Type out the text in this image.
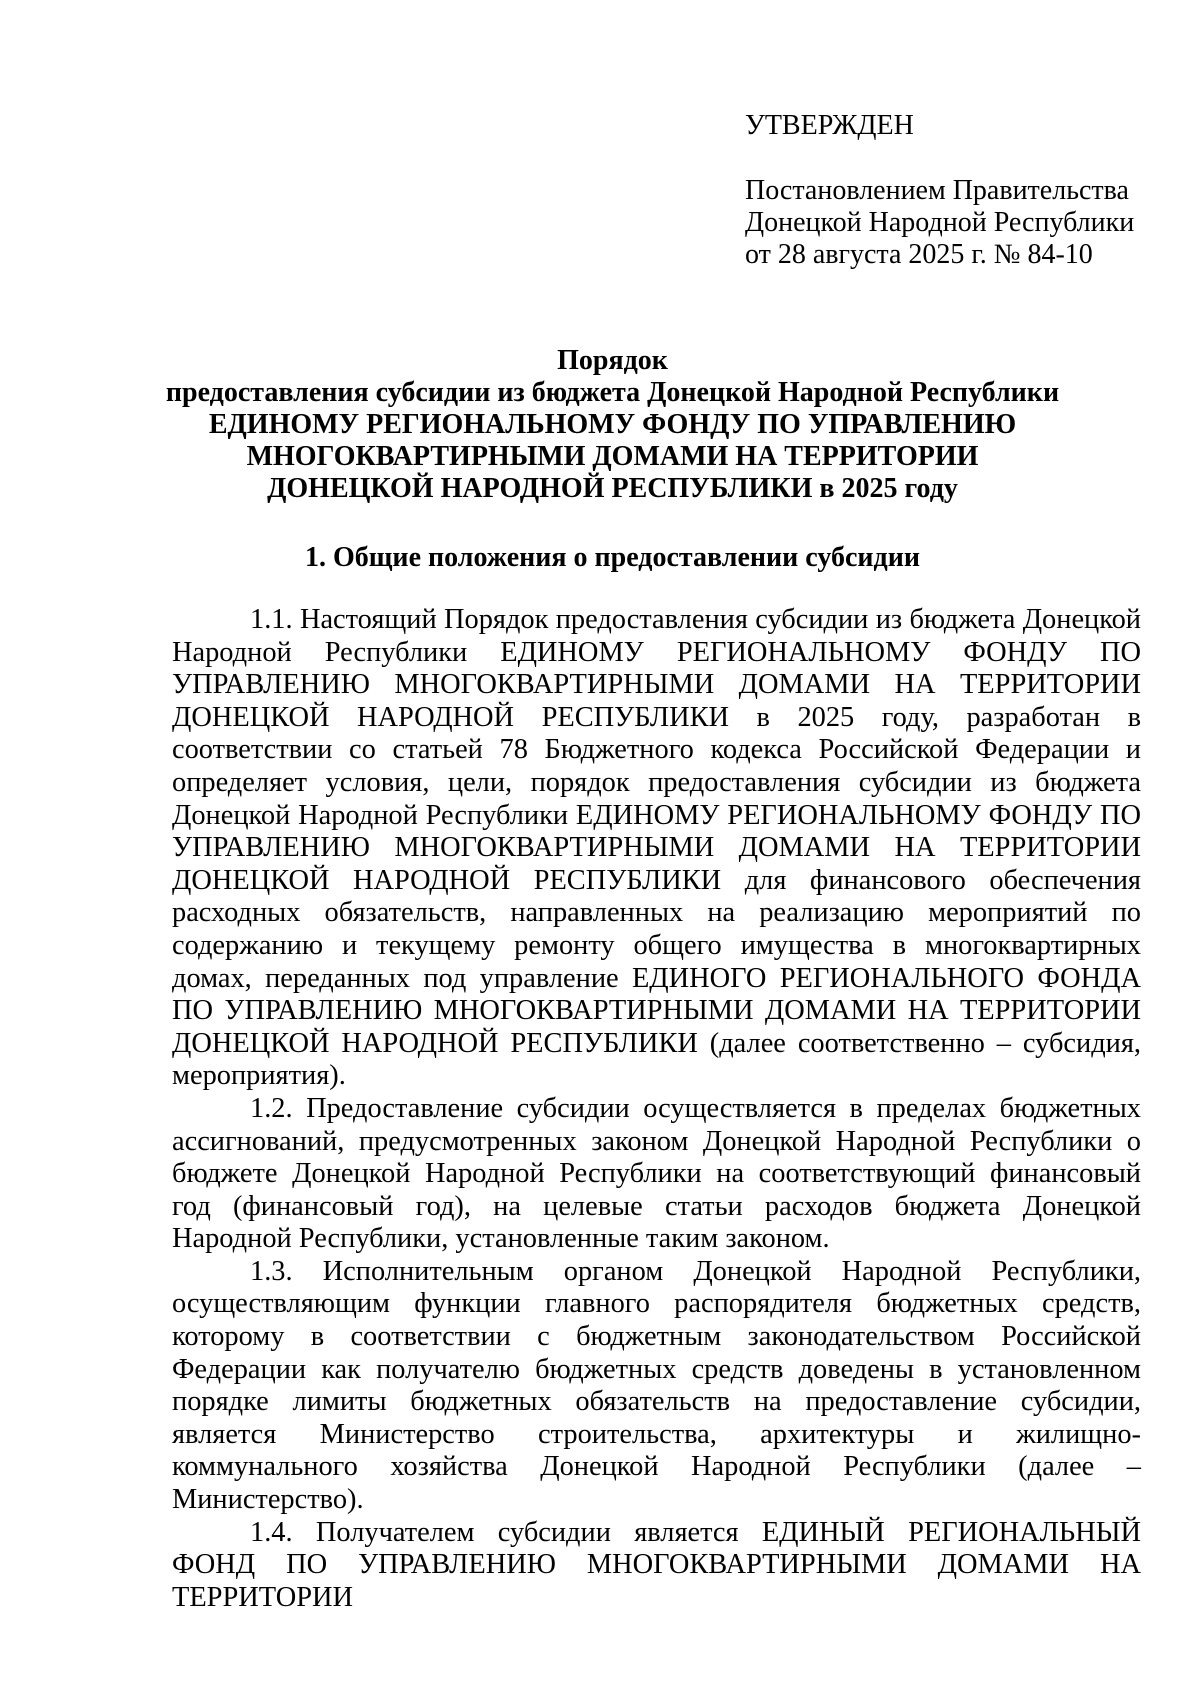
УТВЕРЖДЕН
Постановлением Правительства
Донецкой Народной Республики
от 28 августа 2025 г. № 84-10
Порядок
предоставления субсидии из бюджета Донецкой Народной Республики
ЕДИНОМУ РЕГИОНАЛЬНОМУ ФОНДУ ПО УПРАВЛЕНИЮ
МНОГОКВАРТИРНЫМИ ДОМАМИ НА ТЕРРИТОРИИ
ДОНЕЦКОЙ НАРОДНОЙ РЕСПУБЛИКИ в 2025 году
1. Общие положения о предоставлении субсидии

1.1. Настоящий Порядок предоставления субсидии из бюджета Донецкой Народной Республики ЕДИНОМУ РЕГИОНАЛЬНОМУ ФОНДУ ПО УПРАВЛЕНИЮ МНОГОКВАРТИРНЫМИ ДОМАМИ НА ТЕРРИТОРИИ ДОНЕЦКОЙ НАРОДНОЙ РЕСПУБЛИКИ в 2025 году, разработан в соответствии со статьей 78 Бюджетного кодекса Российской Федерации и определяет условия, цели, порядок предоставления субсидии из бюджета Донецкой Народной Республики ЕДИНОМУ РЕГИОНАЛЬНОМУ ФОНДУ ПО УПРАВЛЕНИЮ МНОГОКВАРТИРНЫМИ ДОМАМИ НА ТЕРРИТОРИИ ДОНЕЦКОЙ НАРОДНОЙ РЕСПУБЛИКИ для финансового обеспечения расходных обязательств, направленных на реализацию мероприятий по содержанию и текущему ремонту общего имущества в многоквартирных домах, переданных под управление ЕДИНОГО РЕГИОНАЛЬНОГО ФОНДА ПО УПРАВЛЕНИЮ МНОГОКВАРТИРНЫМИ ДОМАМИ НА ТЕРРИТОРИИ ДОНЕЦКОЙ НАРОДНОЙ РЕСПУБЛИКИ (далее соответственно – субсидия, мероприятия).

1.2. Предоставление субсидии осуществляется в пределах бюджетных ассигнований, предусмотренных законом Донецкой Народной Республики о бюджете Донецкой Народной Республики на соответствующий финансовый год (финансовый год), на целевые статьи расходов бюджета Донецкой Народной Республики, установленные таким законом.

1.3. Исполнительным органом Донецкой Народной Республики, осуществляющим функции главного распорядителя бюджетных средств, которому в соответствии с бюджетным законодательством Российской Федерации как получателю бюджетных средств доведены в установленном порядке лимиты бюджетных обязательств на предоставление субсидии, является Министерство строительства, архитектуры и жилищно-коммунального хозяйства Донецкой Народной Республики (далее – Министерство).

1.4. Получателем субсидии является ЕДИНЫЙ РЕГИОНАЛЬНЫЙ ФОНД ПО УПРАВЛЕНИЮ МНОГОКВАРТИРНЫМИ ДОМАМИ НА ТЕРРИТОРИИ
